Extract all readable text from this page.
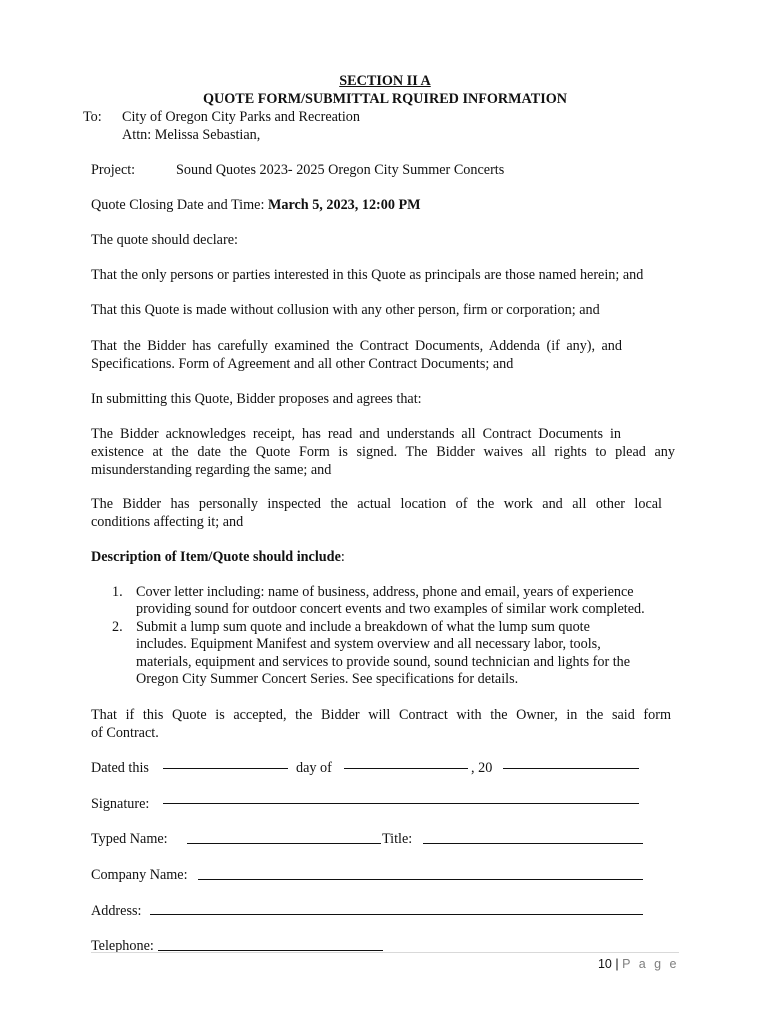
SECTION II A
QUOTE FORM/SUBMITTAL RQUIRED INFORMATION
To: City of Oregon City Parks and Recreation
Attn: Melissa Sebastian,
Project:	Sound Quotes 2023- 2025 Oregon City Summer Concerts
Quote Closing Date and Time: March 5, 2023, 12:00 PM
The quote should declare:
That the only persons or parties interested in this Quote as principals are those named herein; and
That this Quote is made without collusion with any other person, firm or corporation; and
That the Bidder has carefully examined the Contract Documents, Addenda (if any), and
Specifications. Form of Agreement and all other Contract Documents; and
In submitting this Quote, Bidder proposes and agrees that:
The Bidder acknowledges receipt, has read and understands all Contract Documents in
existence at the date the Quote Form is signed. The Bidder waives all rights to plead any
misunderstanding regarding the same; and
The Bidder has personally inspected the actual location of the work and all other local
conditions affecting it; and
Description of Item/Quote should include:
1. Cover letter including: name of business, address, phone and email, years of experience
providing sound for outdoor concert events and two examples of similar work completed.
2. Submit a lump sum quote and include a breakdown of what the lump sum quote
includes. Equipment Manifest and system overview and all necessary labor, tools,
materials, equipment and services to provide sound, sound technician and lights for the
Oregon City Summer Concert Series. See specifications for details.
That if this Quote is accepted, the Bidder will Contract with the Owner, in the said form
of Contract.
Dated this	day of	, 20
Signature:
Typed Name:	Title:
Company Name:
Address:
Telephone:
10 | P a g e
